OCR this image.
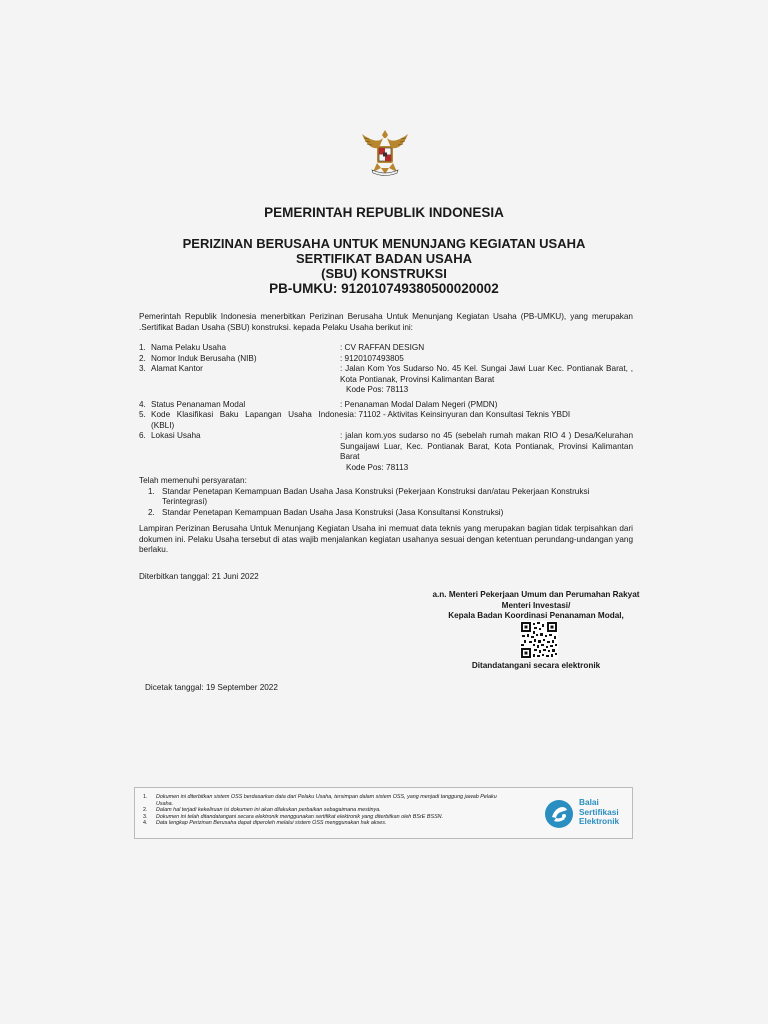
PEMERINTAH REPUBLIK INDONESIA
PERIZINAN BERUSAHA UNTUK MENUNJANG KEGIATAN USAHA
SERTIFIKAT BADAN USAHA
(SBU) KONSTRUKSI
PB-UMKU: 912010749380500020002
Pemerintah Republik Indonesia menerbitkan Perizinan Berusaha Untuk Menunjang Kegiatan Usaha (PB-UMKU), yang merupakan .Sertifikat Badan Usaha (SBU) konstruksi. kepada Pelaku Usaha berikut ini:
1. Nama Pelaku Usaha	: CV RAFFAN DESIGN
2. Nomor Induk Berusaha (NIB)	: 9120107493805
3. Alamat Kantor	: Jalan Kom Yos Sudarso No. 45 Kel. Sungai Jawi Luar Kec. Pontianak Barat, , Kota Pontianak, Provinsi Kalimantan Barat
Kode Pos: 78113
4. Status Penanaman Modal	: Penanaman Modal Dalam Negeri (PMDN)
5. Kode Klasifikasi Baku Lapangan Usaha Indonesia (KBLI)
: 71102 - Aktivitas Keinsinyuran dan Konsultasi Teknis YBDI
6. Lokasi Usaha	: jalan kom.yos sudarso no 45 (sebelah rumah makan RIO 4 ) Desa/Kelurahan Sungaijawi Luar, Kec. Pontianak Barat, Kota Pontianak, Provinsi Kalimantan Barat
Kode Pos: 78113
Telah memenuhi persyaratan:
1. Standar Penetapan Kemampuan Badan Usaha Jasa Konstruksi (Pekerjaan Konstruksi dan/atau Pekerjaan Konstruksi Terintegrasi)
2. Standar Penetapan Kemampuan Badan Usaha Jasa Konstruksi (Jasa Konsultansi Konstruksi)
Lampiran Perizinan Berusaha Untuk Menunjang Kegiatan Usaha ini memuat data teknis yang merupakan bagian tidak terpisahkan dari dokumen ini. Pelaku Usaha tersebut di atas wajib menjalankan kegiatan usahanya sesuai dengan ketentuan perundang-undangan yang berlaku.
Diterbitkan tanggal: 21 Juni 2022
a.n. Menteri Pekerjaan Umum dan Perumahan Rakyat
Menteri Investasi/
Kepala Badan Koordinasi Penanaman Modal,
Ditandatangani secara elektronik
Dicetak tanggal: 19 September 2022
1.	Dokumen ini diterbitkan sistem OSS berdasarkan data dari Pelaku Usaha, tersimpan dalam sistem OSS, yang menjadi tanggung jawab Pelaku Usaha.
2.	Dalam hal terjadi kekeliruan isi dokumen ini akan dilakukan perbaikan sebagaimana mestinya.
3.	Dokumen ini telah ditandatangani secara elektronik menggunakan sertifikat elektronik yang diterbitkan oleh BSrE BSSN.
4.	Data lengkap Perizinan Berusaha dapat diperoleh melalui sistem OSS menggunakan hak akses.
Balai
Sertifikasi
Elektronik
